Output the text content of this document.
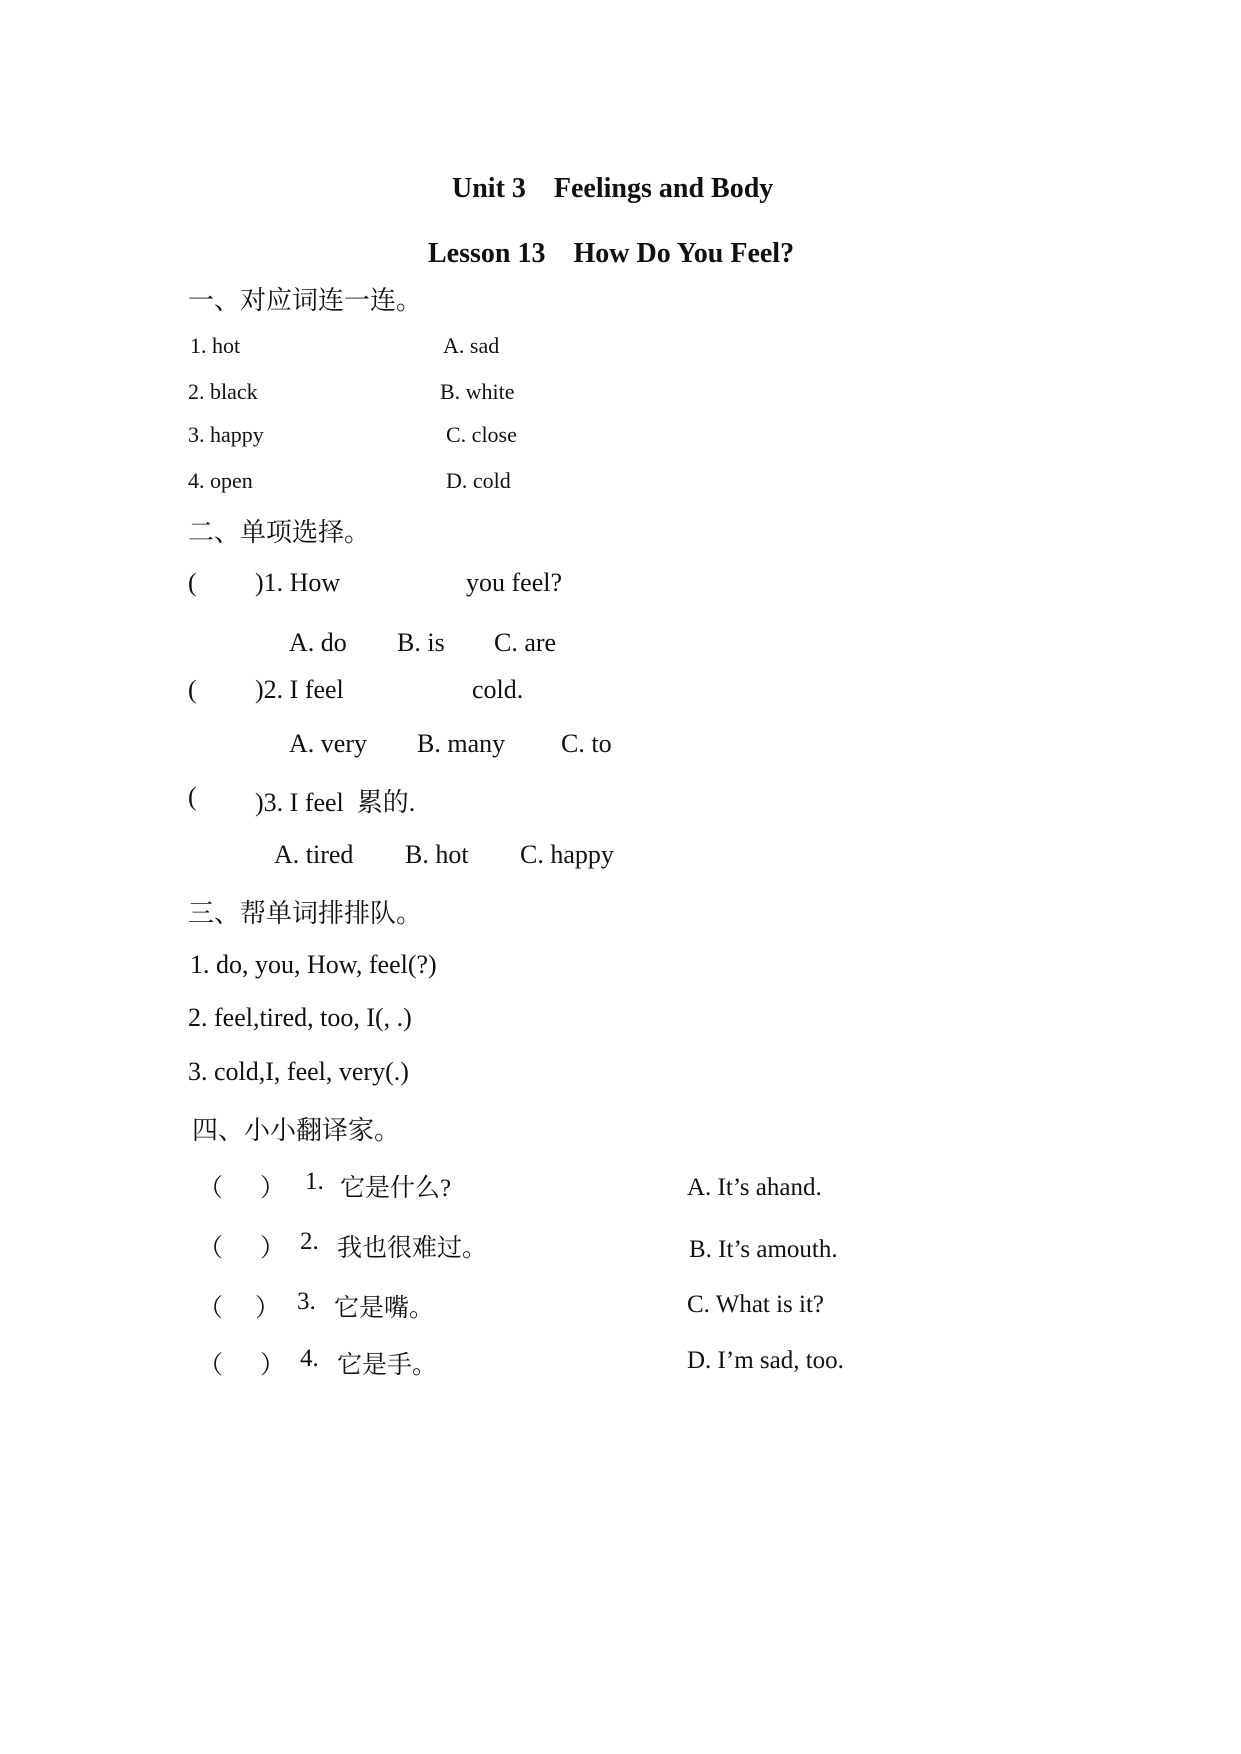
Unit 3　Feelings and Body
Lesson 13　How Do You Feel?
一、对应词连一连。
1. hot
2. black
3. happy
4. open
A. sad
B. white
C. close
D. cold
二、单项选择。
( )1. How	you feel?
A. do B. is C. are
( )2. I feel	cold.
A. very B. many C. to
( )3. I feel  累的.
A. tired B. hot C. happy
三、帮单词排排队。
1. do, you, How, feel(?)
2. feel,tired, too, I(, .)
3. cold,I, feel, very(.)
四、小小翻译家。
（ ） 1. 它是什么?
（ ） 2. 我也很难过。
（ ） 3. 它是嘴。
（ ） 4. 它是手。
A. It’s ahand.
B. It’s amouth.
C. What is it?
D. I’m sad, too.
